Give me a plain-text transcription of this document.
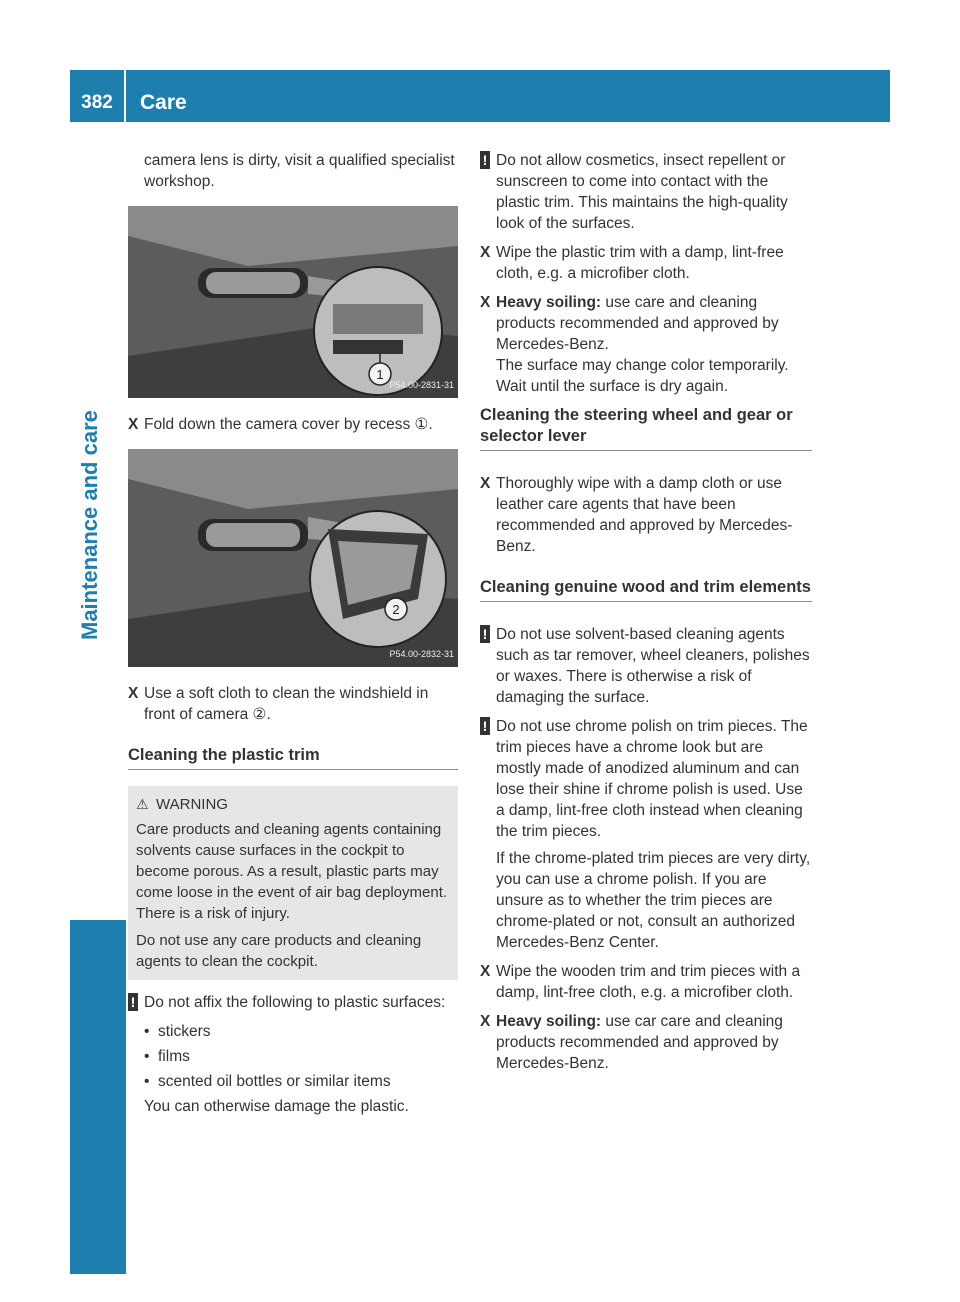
382	Care
Maintenance and care
camera lens is dirty, visit a qualified specialist workshop.
1
P54.00-2831-31
X Fold down the camera cover by recess ①.
2
P54.00-2832-31
X Use a soft cloth to clean the windshield in front of camera ②.
Cleaning the plastic trim
⚠ WARNING
Care products and cleaning agents containing solvents cause surfaces in the cockpit to become porous. As a result, plastic parts may come loose in the event of air bag deployment. There is a risk of injury.
Do not use any care products and cleaning agents to clean the cockpit.
! Do not affix the following to plastic surfaces:
• stickers
• films
• scented oil bottles or similar items
You can otherwise damage the plastic.
! Do not allow cosmetics, insect repellent or sunscreen to come into contact with the plastic trim. This maintains the high-quality look of the surfaces.
X Wipe the plastic trim with a damp, lint-free cloth, e.g. a microfiber cloth.
X Heavy soiling: use care and cleaning products recommended and approved by Mercedes-Benz.
The surface may change color temporarily. Wait until the surface is dry again.
Cleaning the steering wheel and gear or selector lever
X Thoroughly wipe with a damp cloth or use leather care agents that have been recommended and approved by Mercedes-Benz.
Cleaning genuine wood and trim elements
! Do not use solvent-based cleaning agents such as tar remover, wheel cleaners, polishes or waxes. There is otherwise a risk of damaging the surface.
! Do not use chrome polish on trim pieces. The trim pieces have a chrome look but are mostly made of anodized aluminum and can lose their shine if chrome polish is used. Use a damp, lint-free cloth instead when cleaning the trim pieces.
If the chrome-plated trim pieces are very dirty, you can use a chrome polish. If you are unsure as to whether the trim pieces are chrome-plated or not, consult an authorized Mercedes-Benz Center.
X Wipe the wooden trim and trim pieces with a damp, lint-free cloth, e.g. a microfiber cloth.
X Heavy soiling: use car care and cleaning products recommended and approved by Mercedes-Benz.
